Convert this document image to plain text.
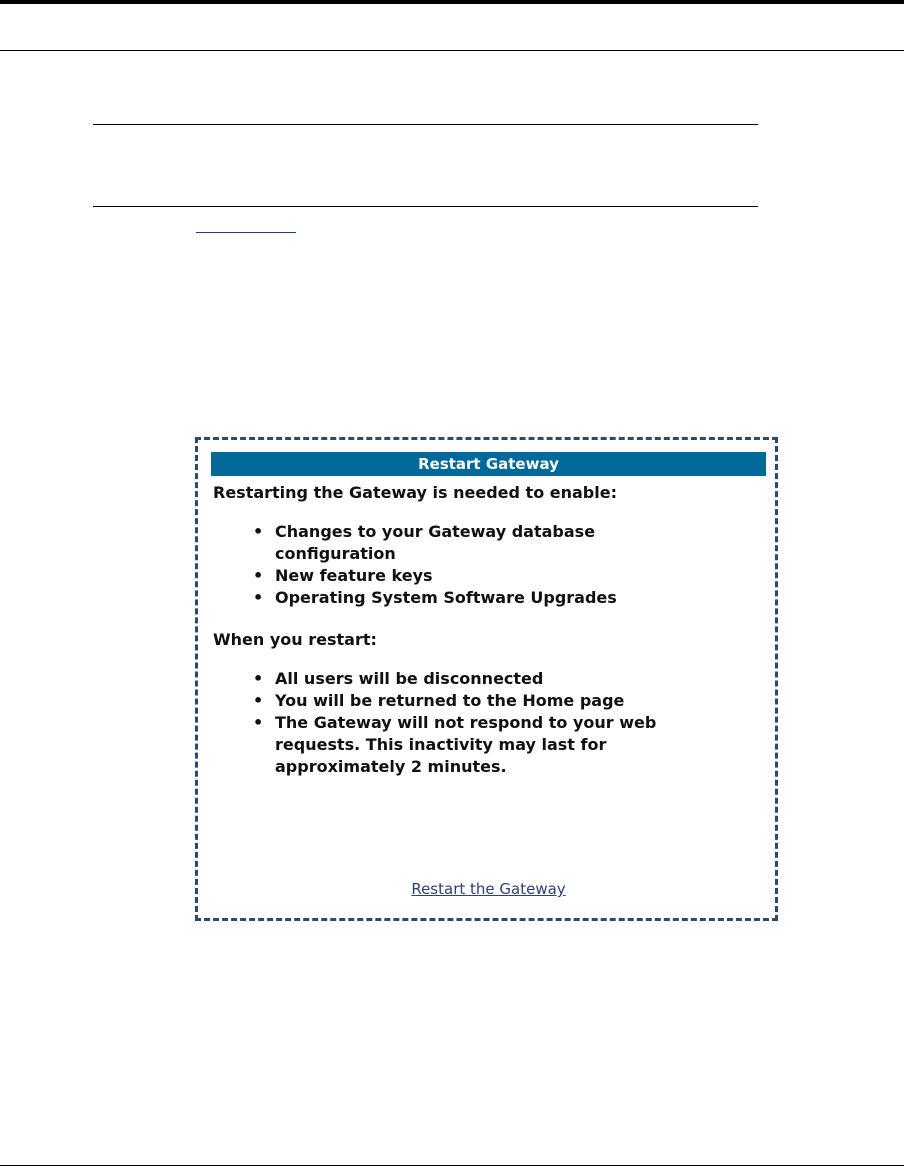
Restart Gateway
Restarting the Gateway is needed to enable:
• Changes to your Gateway database configuration
• New feature keys
• Operating System Software Upgrades
When you restart:
• All users will be disconnected
• You will be returned to the Home page
• The Gateway will not respond to your web requests. This inactivity may last for approximately 2 minutes.
Restart the Gateway
